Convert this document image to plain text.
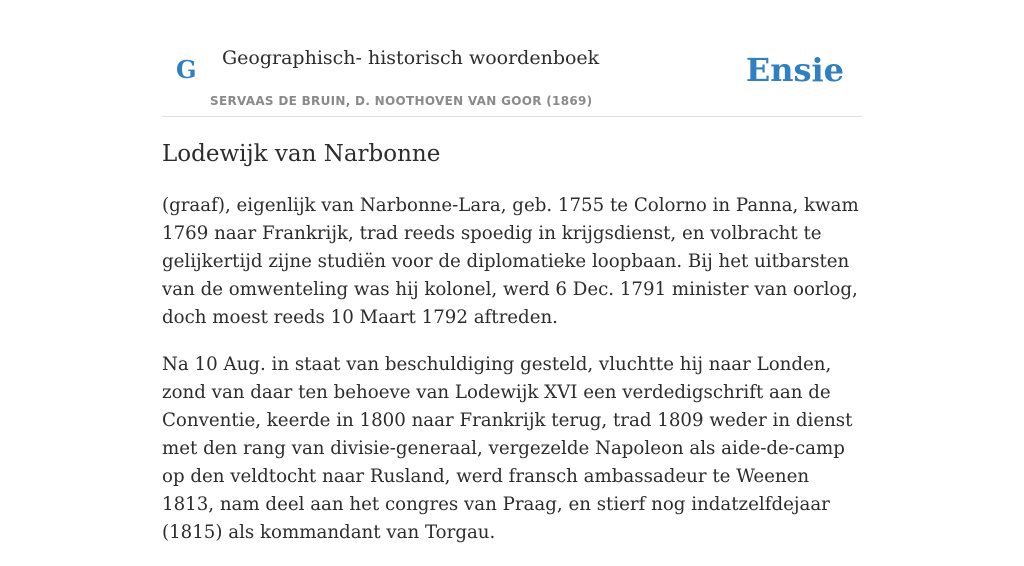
G Geographisch- historisch woordenboek
SERVAAS DE BRUIN, D. NOOTHOVEN VAN GOOR (1869)
Ensie
Lodewijk van Narbonne

(graaf), eigenlijk van Narbonne-Lara, geb. 1755 te Colorno in Panna, kwam 1769 naar Frankrijk, trad reeds spoedig in krijgsdienst, en volbracht te gelijkertijd zijne studiën voor de diplomatieke loopbaan. Bij het uitbarsten van de omwenteling was hij kolonel, werd 6 Dec. 1791 minister van oorlog, doch moest reeds 10 Maart 1792 aftreden.

Na 10 Aug. in staat van beschuldiging gesteld, vluchtte hij naar Londen, zond van daar ten behoeve van Lodewijk XVI een verdedigschrift aan de Conventie, keerde in 1800 naar Frankrijk terug, trad 1809 weder in dienst met den rang van divisie-generaal, vergezelde Napoleon als aide-de-camp op den veldtocht naar Rusland, werd fransch ambassadeur te Weenen 1813, nam deel aan het congres van Praag, en stierf nog indatzelfdejaar (1815) als kommandant van Torgau.
